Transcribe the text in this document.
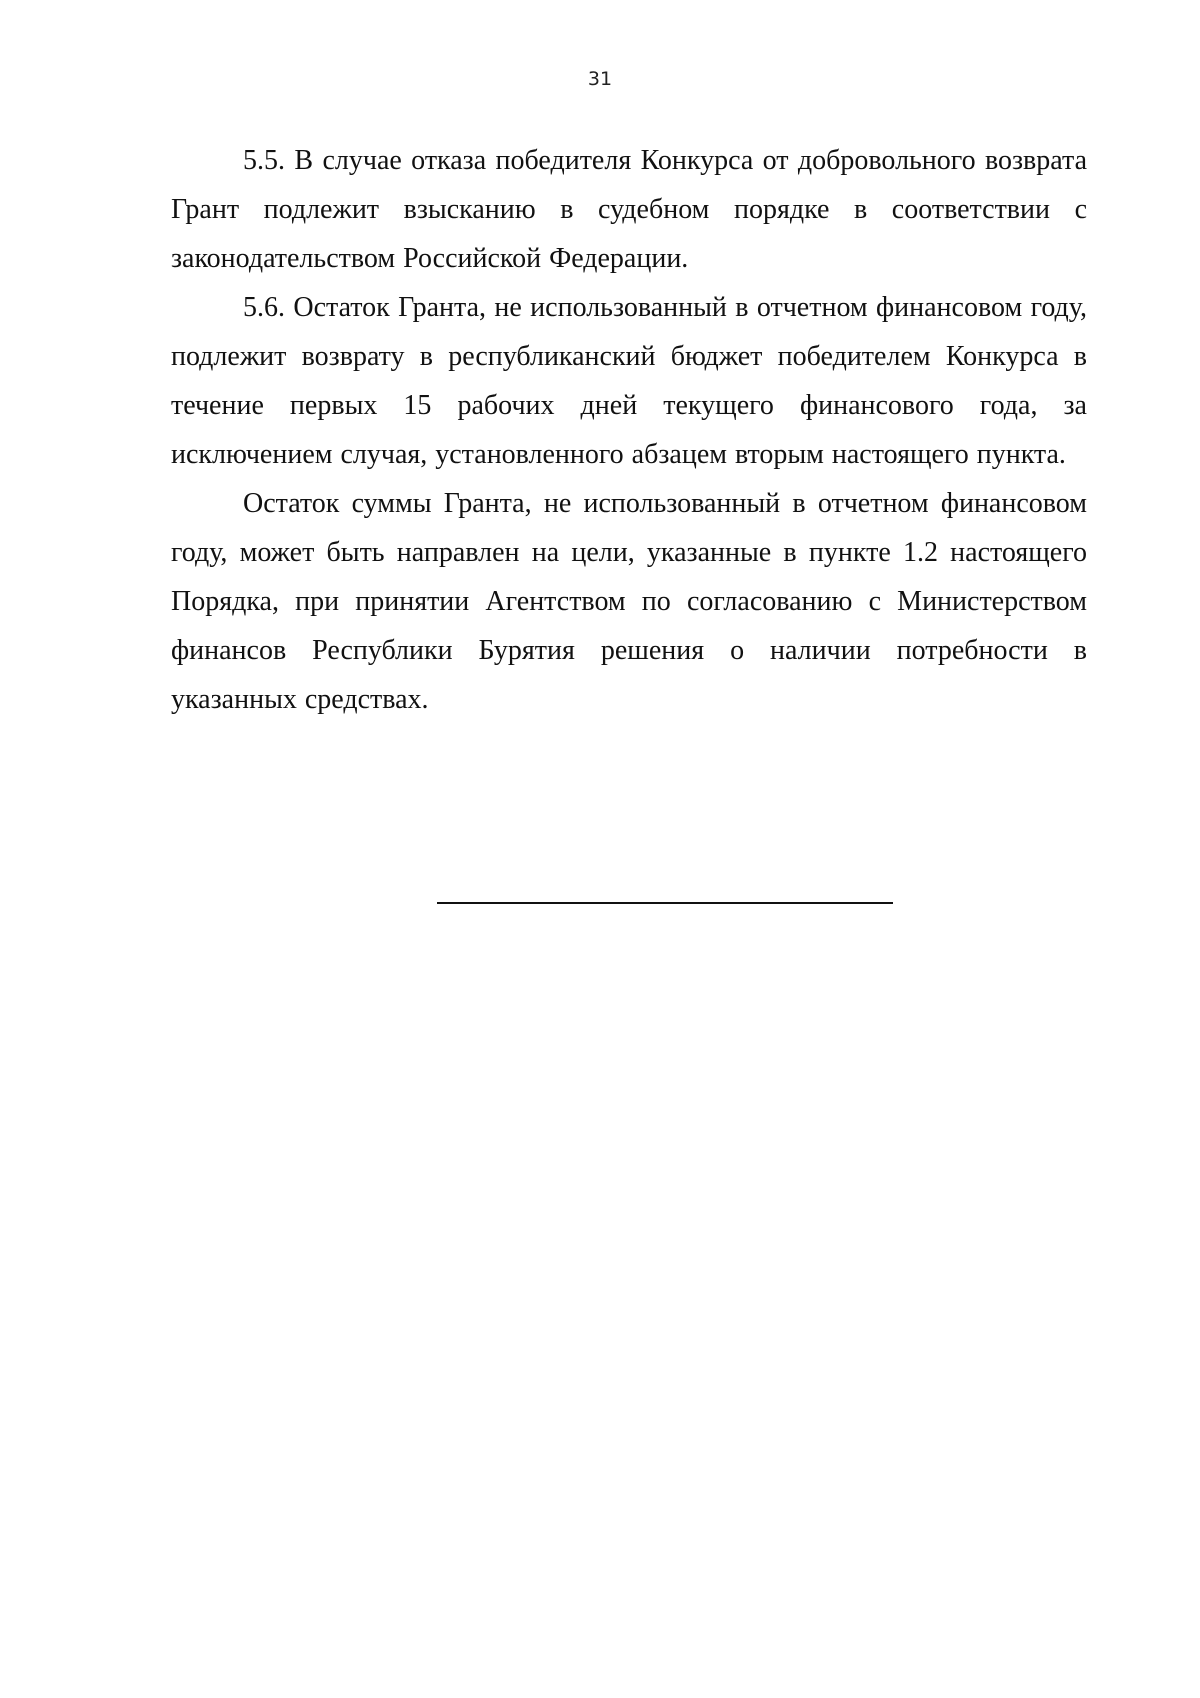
31

5.5. В случае отказа победителя Конкурса от добровольного возврата Грант подлежит взысканию в судебном порядке в соответствии с законодательством Российской Федерации.

5.6. Остаток Гранта, не использованный в отчетном финансовом году, подлежит возврату в республиканский бюджет победителем Конкурса в течение первых 15 рабочих дней текущего финансового года, за исключением случая, установленного абзацем вторым настоящего пункта.

Остаток суммы Гранта, не использованный в отчетном финансовом году, может быть направлен на цели, указанные в пункте 1.2 настоящего Порядка, при принятии Агентством по согласованию с Министерством финансов Республики Бурятия решения о наличии потребности в указанных средствах.
